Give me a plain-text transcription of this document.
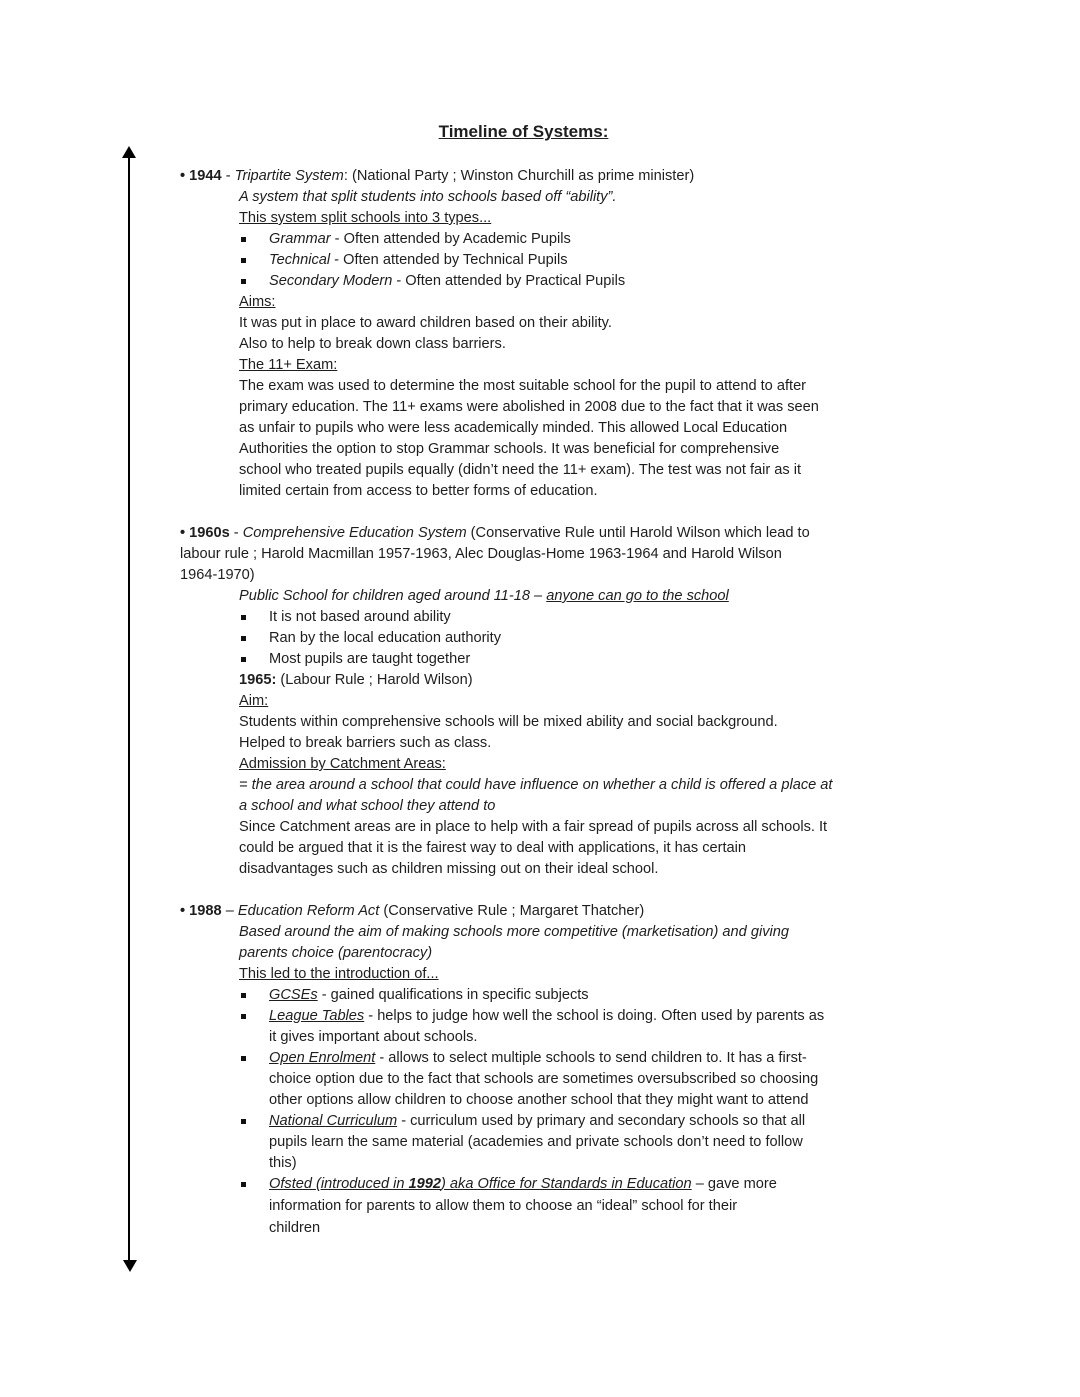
Timeline of Systems:
• 1944 - Tripartite System: (National Party ; Winston Churchill as prime minister)
A system that split students into schools based off “ability”.
This system split schools into 3 types...
Grammar - Often attended by Academic Pupils
Technical - Often attended by Technical Pupils
Secondary Modern - Often attended by Practical Pupils
Aims:
It was put in place to award children based on their ability.
Also to help to break down class barriers.
The 11+ Exam:
The exam was used to determine the most suitable school for the pupil to attend to after
primary education. The 11+ exams were abolished in 2008 due to the fact that it was seen
as unfair to pupils who were less academically minded. This allowed Local Education
Authorities the option to stop Grammar schools. It was beneficial for comprehensive
school who treated pupils equally (didn’t need the 11+ exam). The test was not fair as it
limited certain from access to better forms of education.
• 1960s - Comprehensive Education System (Conservative Rule until Harold Wilson which lead to
labour rule ; Harold Macmillan 1957-1963, Alec Douglas-Home 1963-1964 and Harold Wilson
1964-1970)
Public School for children aged around 11-18 – anyone can go to the school
It is not based around ability
Ran by the local education authority
Most pupils are taught together
1965: (Labour Rule ; Harold Wilson)
Aim:
Students within comprehensive schools will be mixed ability and social background.
Helped to break barriers such as class.
Admission by Catchment Areas:
= the area around a school that could have influence on whether a child is offered a place at
a school and what school they attend to
Since Catchment areas are in place to help with a fair spread of pupils across all schools. It
could be argued that it is the fairest way to deal with applications, it has certain
disadvantages such as children missing out on their ideal school.
• 1988 – Education Reform Act (Conservative Rule ; Margaret Thatcher)
Based around the aim of making schools more competitive (marketisation) and giving
parents choice (parentocracy)
This led to the introduction of...
GCSEs - gained qualifications in specific subjects
League Tables - helps to judge how well the school is doing. Often used by parents as
it gives important about schools.
Open Enrolment - allows to select multiple schools to send children to. It has a first-
choice option due to the fact that schools are sometimes oversubscribed so choosing
other options allow children to choose another school that they might want to attend
National Curriculum - curriculum used by primary and secondary schools so that all
pupils learn the same material (academies and private schools don’t need to follow
this)
Ofsted (introduced in 1992) aka Office for Standards in Education – gave more
information for parents to allow them to choose an “ideal” school for their
children
